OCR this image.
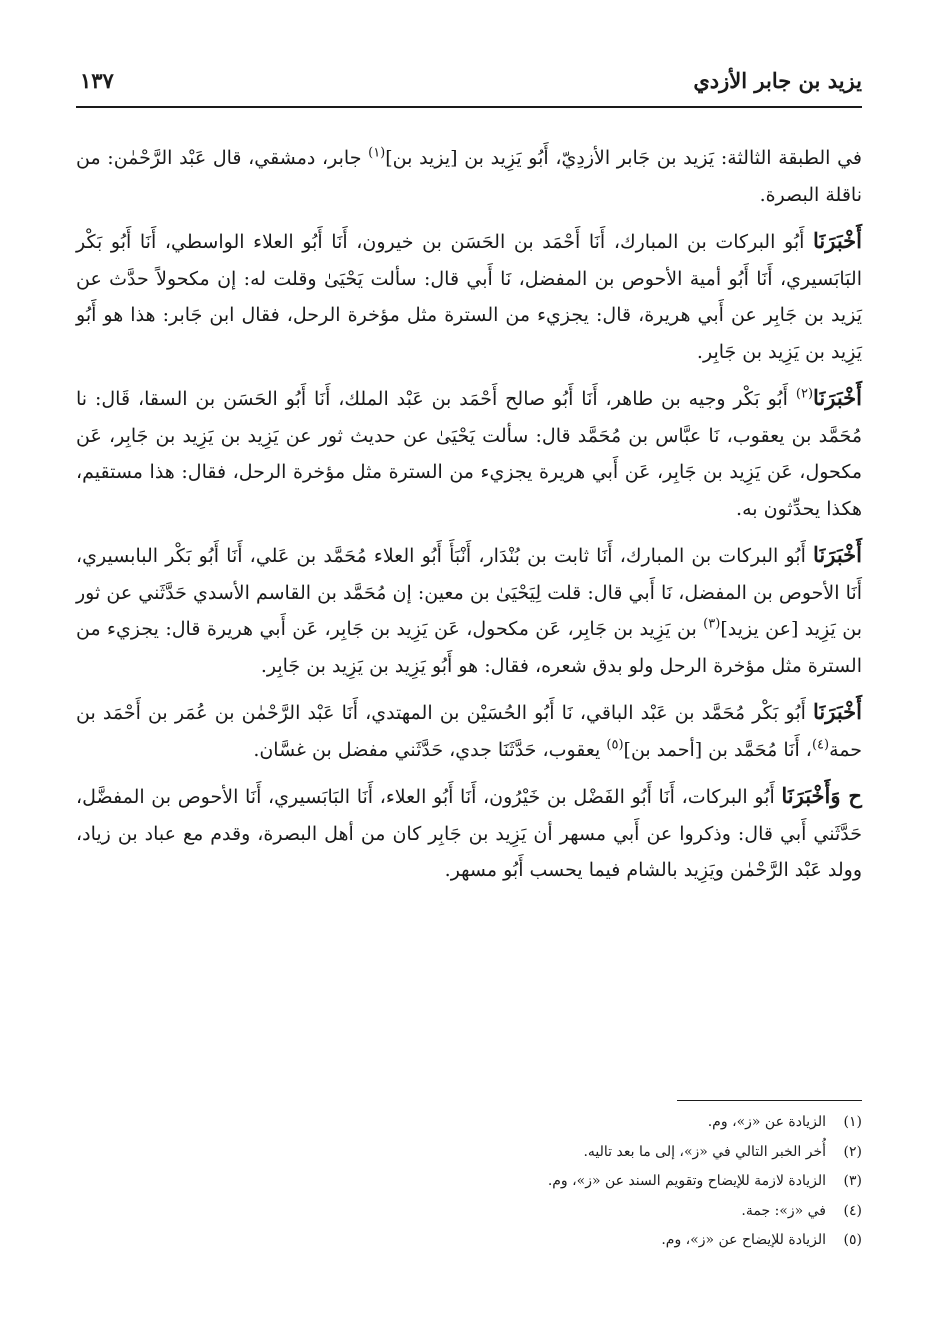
يزيد بن جابر الأزدي
١٣٧

في الطبقة الثالثة: يَزيد بن جَابر الأزدِيّ، أَبُو يَزِيد بن [يزيد بن]$^{(١)}$ جابر، دمشقي، قال عَبْد الرَّحْمٰن: من ناقلة البصرة.

أَخْبَرَنَا أَبُو البركات بن المبارك، أَنَا أَحْمَد بن الحَسَن بن خيرون، أَنَا أَبُو العلاء الواسطي، أَنَا أَبُو بَكْر البَابَسيري، أَنَا أَبُو أمية الأحوص بن المفضل، نَا أَبي قال: سألت يَحْيَىٰ وقلت له: إن مكحولاً حدَّث عن يَزيد بن جَابِر عن أَبي هريرة، قال: يجزيء من السترة مثل مؤخرة الرحل، فقال ابن جَابر: هذا هو أَبُو يَزِيد بن يَزِيد بن جَابِر.

أَخْبَرَنَا$^{(٢)}$ أَبُو بَكْر وجيه بن طاهر، أَنَا أَبُو صالح أَحْمَد بن عَبْد الملك، أَنَا أَبُو الحَسَن بن السقا، قَال: نا مُحَمَّد بن يعقوب، نَا عبَّاس بن مُحَمَّد قال: سألت يَحْيَىٰ عن حديث ثور عن يَزِيد بن يَزِيد بن جَابِر، عَن مكحول، عَن يَزِيد بن جَابِر، عَن أَبي هريرة يجزيء من السترة مثل مؤخرة الرحل، فقال: هذا مستقيم، هكذا يحدِّثون به.

أَخْبَرَنَا أَبُو البركات بن المبارك، أَنَا ثابت بن بُنْدَار، أَنْبَأَ أَبُو العلاء مُحَمَّد بن عَلي، أَنَا أَبُو بَكْر البابسيري، أَنَا الأحوص بن المفضل، نَا أَبي قال: قلت لِيَحْيَىٰ بن معين: إن مُحَمَّد بن القاسم الأسدي حَدَّثَني عن ثور بن يَزِيد [عن يزيد]$^{(٣)}$ بن يَزِيد بن جَابِر، عَن مكحول، عَن يَزِيد بن جَابِر، عَن أَبي هريرة قال: يجزيء من السترة مثل مؤخرة الرحل ولو بدق شعره، فقال: هو أَبُو يَزِيد بن يَزِيد بن جَابِر.

أَخْبَرَنَا أَبُو بَكْر مُحَمَّد بن عَبْد الباقي، نَا أَبُو الحُسَيْن بن المهتدي، أَنَا عَبْد الرَّحْمٰن بن عُمَر بن أَحْمَد بن حمة$^{(٤)}$، أَنَا مُحَمَّد بن [أحمد بن]$^{(٥)}$ يعقوب، حَدَّثَنَا جدي، حَدَّثَني مفضل بن غسَّان.

ح وَأَخْبَرَنَا أَبُو البركات، أَنَا أَبُو الفَضْل بن خَيْرُون، أَنَا أَبُو العلاء، أَنَا البَابَسيري، أَنَا الأحوص بن المفضَّل، حَدَّثَني أَبي قال: وذكروا عن أَبي مسهر أن يَزِيد بن جَابِر كان من أهل البصرة، وقدم مع عباد بن زياد، وولد عَبْد الرَّحْمٰن ويَزِيد بالشام فيما يحسب أَبُو مسهر.

(١)
الزيادة عن «ز»، وم.
(٢)
أُخر الخبر التالي في «ز»، إلى ما بعد تاليه.
(٣)
الزيادة لازمة للإيضاح وتقويم السند عن «ز»، وم.
(٤)
في «ز»: جمة.
(٥)
الزيادة للإيضاح عن «ز»، وم.
